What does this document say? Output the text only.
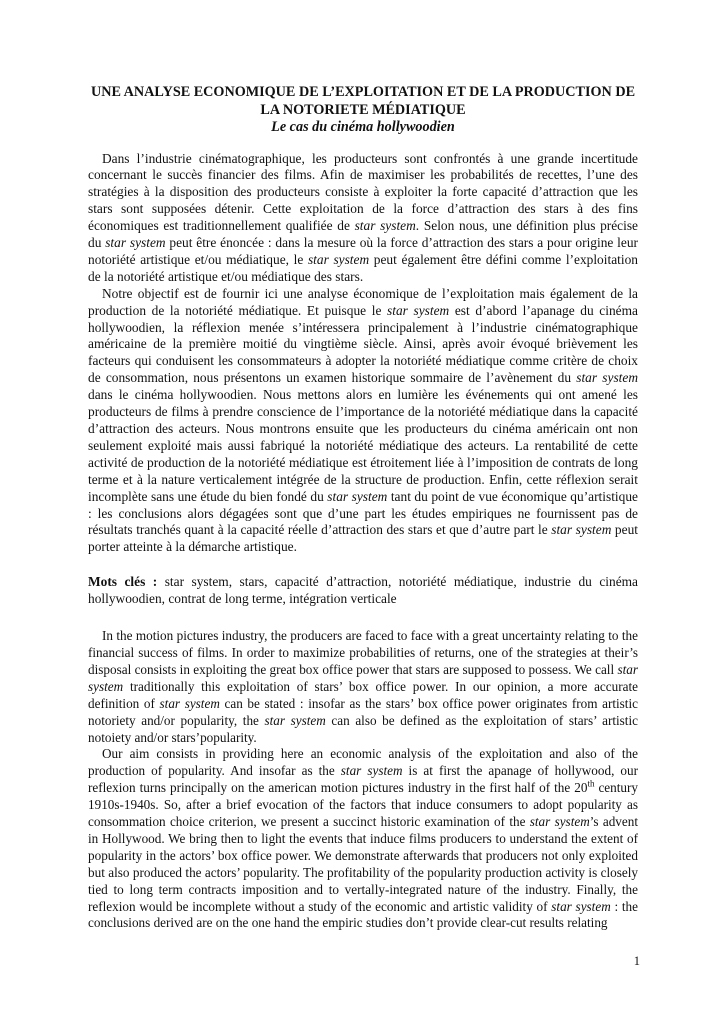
UNE ANALYSE ECONOMIQUE DE L’EXPLOITATION ET DE LA PRODUCTION DE LA NOTORIETE MÉDIATIQUE
Le cas du cinéma hollywoodien

Dans l’industrie cinématographique, les producteurs sont confrontés à une grande incertitude concernant le succès financier des films. Afin de maximiser les probabilités de recettes, l’une des stratégies à la disposition des producteurs consiste à exploiter la forte capacité d’attraction que les stars sont supposées détenir. Cette exploitation de la force d’attraction des stars à des fins économiques est traditionnellement qualifiée de star system. Selon nous, une définition plus précise du star system peut être énoncée : dans la mesure où la force d’attraction des stars a pour origine leur notoriété artistique et/ou médiatique, le star system peut également être défini comme l’exploitation de la notoriété artistique et/ou médiatique des stars.

Notre objectif est de fournir ici une analyse économique de l’exploitation mais également de la production de la notoriété médiatique. Et puisque le star system est d’abord l’apanage du cinéma hollywoodien, la réflexion menée s’intéressera principalement à l’industrie cinématographique américaine de la première moitié du vingtième siècle. Ainsi, après avoir évoqué brièvement les facteurs qui conduisent les consommateurs à adopter la notoriété médiatique comme critère de choix de consommation, nous présentons un examen historique sommaire de l’avènement du star system dans le cinéma hollywoodien. Nous mettons alors en lumière les événements qui ont amené les producteurs de films à prendre conscience de l’importance de la notoriété médiatique dans la capacité d’attraction des acteurs. Nous montrons ensuite que les producteurs du cinéma américain ont non seulement exploité mais aussi fabriqué la notoriété médiatique des acteurs. La rentabilité de cette activité de production de la notoriété médiatique est étroitement liée à l’imposition de contrats de long terme et à la nature verticalement intégrée de la structure de production. Enfin, cette réflexion serait incomplète sans une étude du bien fondé du star system tant du point de vue économique qu’artistique : les conclusions alors dégagées sont que d’une part les études empiriques ne fournissent pas de résultats tranchés quant à la capacité réelle d’attraction des stars et que d’autre part le star system peut porter atteinte à la démarche artistique.

Mots clés : star system, stars, capacité d’attraction, notoriété médiatique, industrie du cinéma hollywoodien, contrat de long terme, intégration verticale

In the motion pictures industry, the producers are faced to face with a great uncertainty relating to the financial success of films. In order to maximize probabilities of returns, one of the strategies at their’s disposal consists in exploiting the great box office power that stars are supposed to possess. We call star system traditionally this exploitation of stars’ box office power. In our opinion, a more accurate definition of star system can be stated : insofar as the stars’ box office power originates from artistic notoriety and/or popularity, the star system can also be defined as the exploitation of stars’ artistic notoiety and/or stars’popularity.

Our aim consists in providing here an economic analysis of the exploitation and also of the production of popularity. And insofar as the star system is at first the apanage of hollywood, our reflexion turns principally on the american motion pictures industry in the first half of the 20th century 1910s-1940s. So, after a brief evocation of the factors that induce consumers to adopt popularity as consommation choice criterion, we present a succinct historic examination of the star system’s advent in Hollywood. We bring then to light the events that induce films producers to understand the extent of popularity in the actors’ box office power. We demonstrate afterwards that producers not only exploited but also produced the actors’ popularity. The profitability of the popularity production activity is closely tied to long term contracts imposition and to vertally-integrated nature of the industry. Finally, the reflexion would be incomplete without a study of the economic and artistic validity of star system : the conclusions derived are on the one hand the empiric studies don’t provide clear-cut results relating

1
